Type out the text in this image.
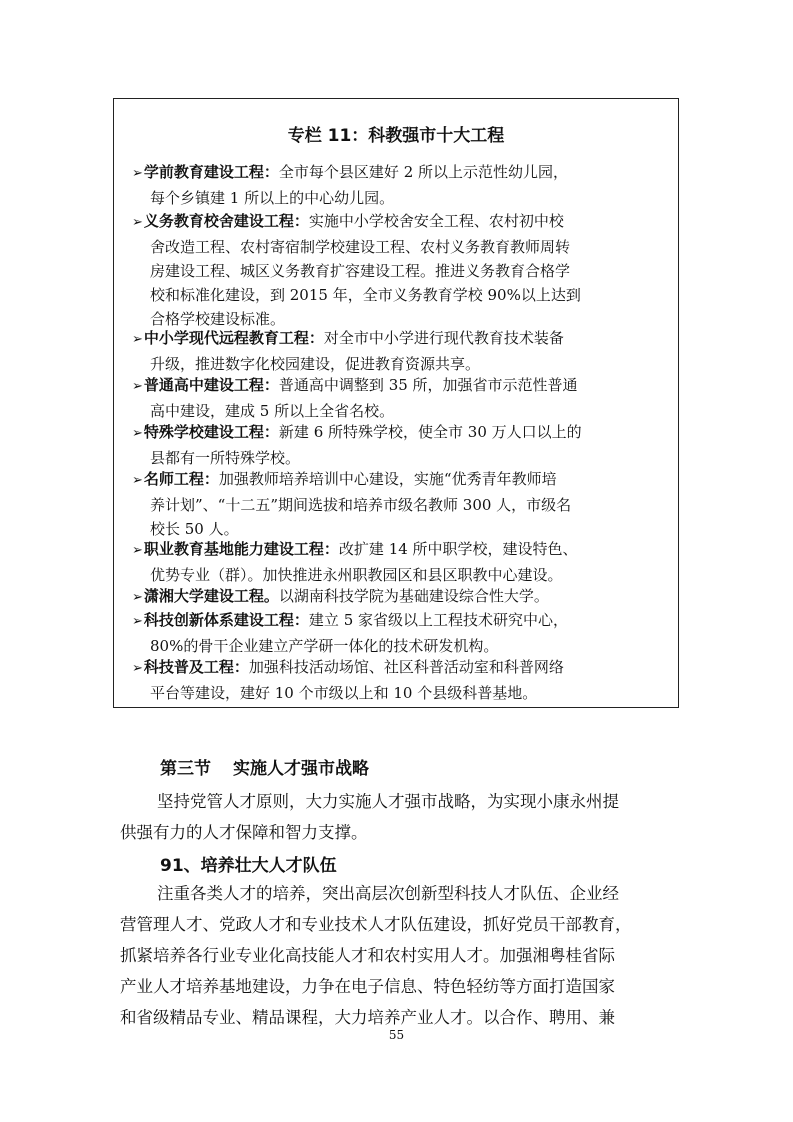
专栏 11：科教强市十大工程
➢学前教育建设工程：全市每个县区建好 2 所以上示范性幼儿园，
每个乡镇建 1 所以上的中心幼儿园。
➢义务教育校舍建设工程：实施中小学校舍安全工程、农村初中校
舍改造工程、农村寄宿制学校建设工程、农村义务教育教师周转
房建设工程、城区义务教育扩容建设工程。推进义务教育合格学
校和标准化建设，到 2015 年，全市义务教育学校 90%以上达到
合格学校建设标准。
➢中小学现代远程教育工程：对全市中小学进行现代教育技术装备
升级，推进数字化校园建设，促进教育资源共享。
➢普通高中建设工程：普通高中调整到 35 所，加强省市示范性普通
高中建设，建成 5 所以上全省名校。
➢特殊学校建设工程：新建 6 所特殊学校，使全市 30 万人口以上的
县都有一所特殊学校。
➢名师工程：加强教师培养培训中心建设，实施“优秀青年教师培
养计划”、“十二五”期间选拔和培养市级名教师 300 人，市级名
校长 50 人。
➢职业教育基地能力建设工程：改扩建 14 所中职学校，建设特色、
优势专业（群）。加快推进永州职教园区和县区职教中心建设。
➢潇湘大学建设工程。以湖南科技学院为基础建设综合性大学。
➢科技创新体系建设工程：建立 5 家省级以上工程技术研究中心，
80%的骨干企业建立产学研一体化的技术研发机构。
➢科技普及工程：加强科技活动场馆、社区科普活动室和科普网络
平台等建设，建好 10 个市级以上和 10 个县级科普基地。
第三节 实施人才强市战略
坚持党管人才原则，大力实施人才强市战略，为实现小康永州提
供强有力的人才保障和智力支撑。
91、培养壮大人才队伍
注重各类人才的培养，突出高层次创新型科技人才队伍、企业经
营管理人才、党政人才和专业技术人才队伍建设，抓好党员干部教育，
抓紧培养各行业专业化高技能人才和农村实用人才。加强湘粤桂省际
产业人才培养基地建设，力争在电子信息、特色轻纺等方面打造国家
和省级精品专业、精品课程，大力培养产业人才。以合作、聘用、兼
55
